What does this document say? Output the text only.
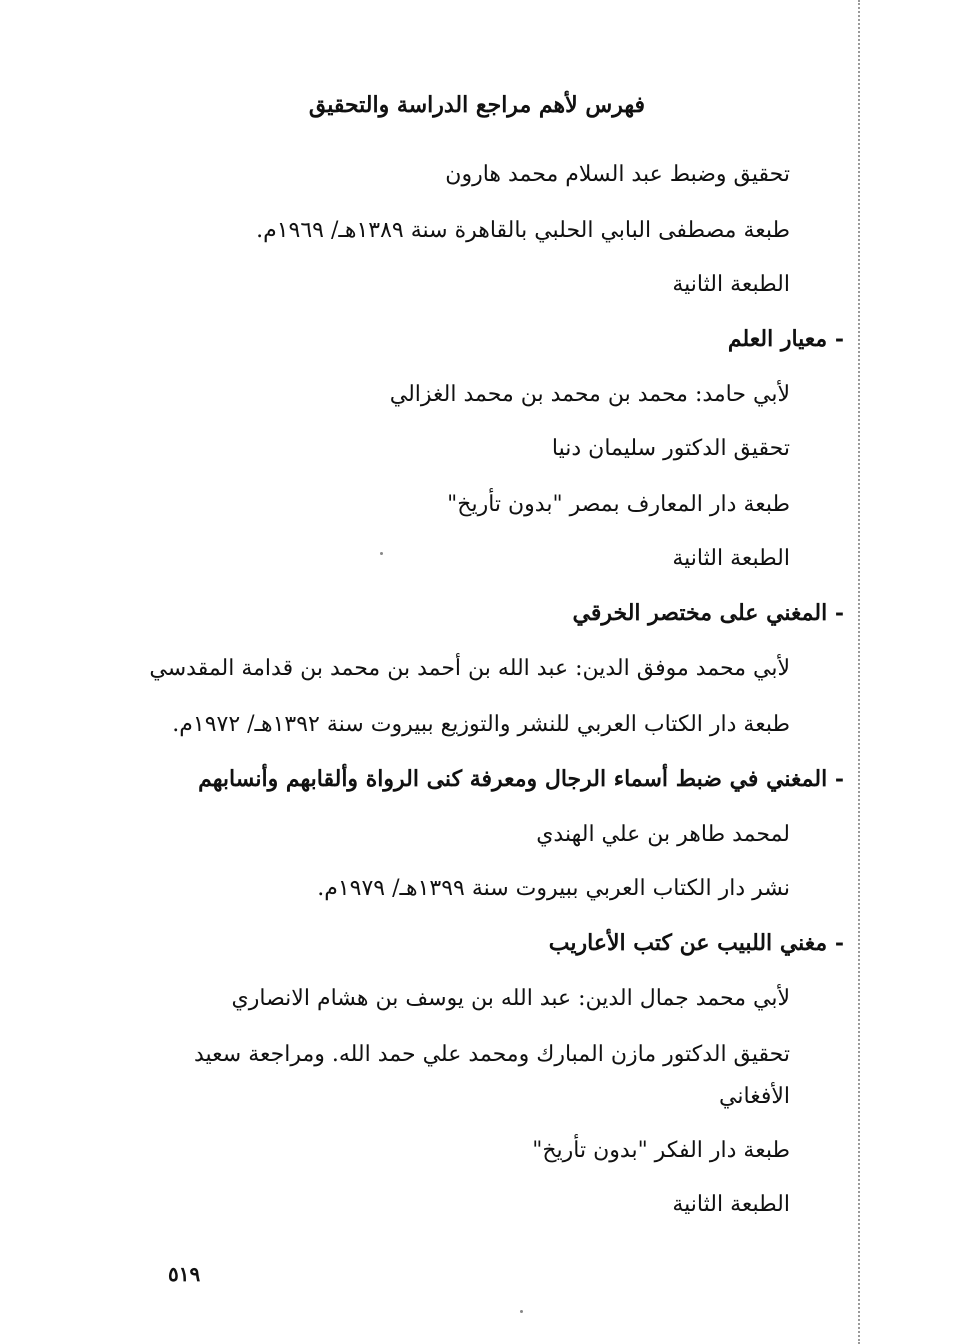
فهرس لأهم مراجع الدراسة والتحقيق
تحقيق وضبط عبد السلام محمد هارون
طبعة مصطفى البابي الحلبي بالقاهرة سنة ١٣٨٩هـ/ ١٩٦٩م.
الطبعة الثانية
- معيار العلم
لأبي حامد: محمد بن محمد بن محمد الغزالي
تحقيق الدكتور سليمان دنيا
طبعة دار المعارف بمصر "بدون تأريخ"
الطبعة الثانية
- المغني على مختصر الخرقي
لأبي محمد موفق الدين: عبد الله بن أحمد بن محمد بن قدامة المقدسي
طبعة دار الكتاب العربي للنشر والتوزيع ببيروت سنة ١٣٩٢هـ/ ١٩٧٢م.
- المغني في ضبط أسماء الرجال ومعرفة كنى الرواة وألقابهم وأنسابهم
لمحمد طاهر بن علي الهندي
نشر دار الكتاب العربي ببيروت سنة ١٣٩٩هـ/ ١٩٧٩م.
- مغني اللبيب عن كتب الأعاريب
لأبي محمد جمال الدين: عبد الله بن يوسف بن هشام الانصاري
تحقيق الدكتور مازن المبارك ومحمد علي حمد الله. ومراجعة سعيد
الأفغاني
طبعة دار الفكر "بدون تأريخ"
الطبعة الثانية
٥١٩
